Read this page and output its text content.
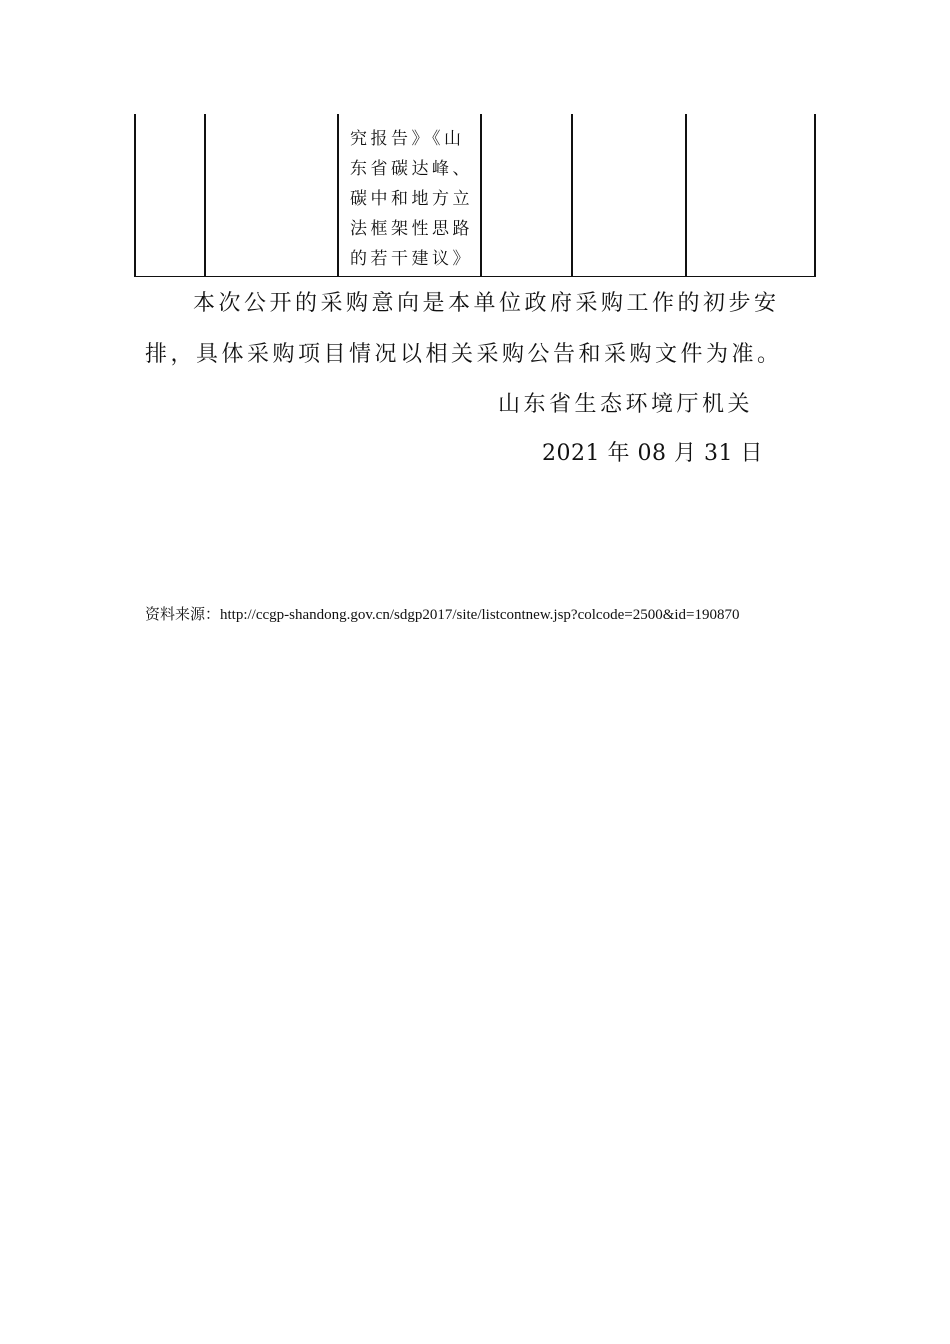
究报告》《山
东省碳达峰、
碳中和地方立
法框架性思路
的若干建议》
本次公开的采购意向是本单位政府采购工作的初步安
排，具体采购项目情况以相关采购公告和采购文件为准。
山东省生态环境厅机关
2021 年 08 月 31 日
资料来源：http://ccgp-shandong.gov.cn/sdgp2017/site/listcontnew.jsp?colcode=2500&id=190870
